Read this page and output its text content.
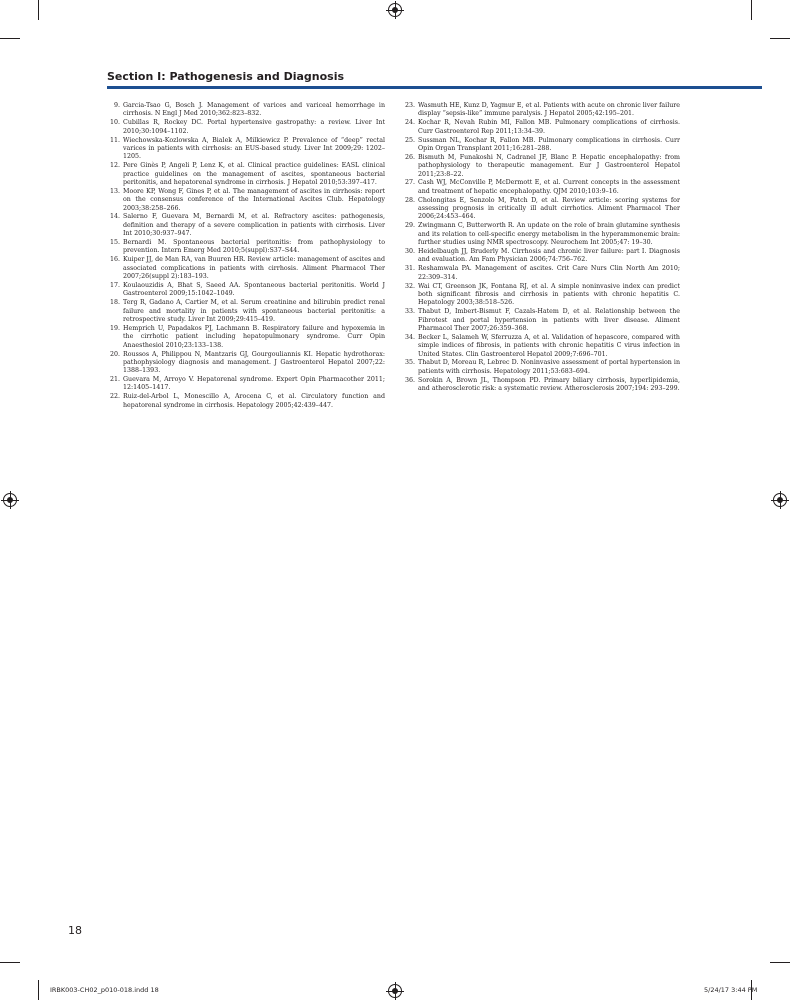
Section I: Pathogenesis and Diagnosis
9. Garcia-Tsao G, Bosch J. Management of varices and variceal hemorrhage in cirrhosis. N Engl J Med 2010;362:823–832.
10. Cubillas R, Rockey DC. Portal hypertensive gastropathy: a review. Liver Int 2010;30:1094–1102.
11. Wiechowska-Kozlowska A, Bialek A, Milkiewicz P. Prevalence of “deep” rectal varices in patients with cirrhosis: an EUS-based study. Liver Int 2009;29: 1202–1205.
12. Pere Ginès P, Angeli P, Lenz K, et al. Clinical practice guidelines: EASL clinical practice guidelines on the management of ascites, spontaneous bacterial peritonitis, and hepatorenal syndrome in cirrhosis. J Hepatol 2010;53:397–417.
13. Moore KP, Wong F, Gines P, et al. The management of ascites in cirrhosis: report on the consensus conference of the International Ascites Club. Hepatology 2003;38:258–266.
14. Salerno F, Guevara M, Bernardi M, et al. Refractory ascites: pathogenesis, definition and therapy of a severe complication in patients with cirrhosis. Liver Int 2010;30:937–947.
15. Bernardi M. Spontaneous bacterial peritonitis: from pathophysiology to prevention. Intern Emerg Med 2010;5(suppl):S37–S44.
16. Kuiper JJ, de Man RA, van Buuren HR. Review article: management of ascites and associated complications in patients with cirrhosis. Aliment Pharmacol Ther 2007;26(suppl 2):183–193.
17. Koulaouzidis A, Bhat S, Saeed AA. Spontaneous bacterial peritonitis. World J Gastroenterol 2009;15:1042–1049.
18. Terg R, Gadano A, Cartier M, et al. Serum creatinine and bilirubin predict renal failure and mortality in patients with spontaneous bacterial peritonitis: a retrospective study. Liver Int 2009;29:415–419.
19. Hemprich U, Papadakos PJ, Lachmann B. Respiratory failure and hypoxemia in the cirrhotic patient including hepatopulmonary syndrome. Curr Opin Anaesthesiol 2010;23:133–138.
20. Roussos A, Philippou N, Mantzaris GJ, Gourgouliannis KI. Hepatic hydrothorax: pathophysiology diagnosis and management. J Gastroenterol Hepatol 2007;22: 1388–1393.
21. Guevara M, Arroyo V. Hepatorenal syndrome. Expert Opin Pharmacother 2011; 12:1405–1417.
22. Ruiz-del-Arbol L, Monescillo A, Arocena C, et al. Circulatory function and hepatorenal syndrome in cirrhosis. Hepatology 2005;42:439–447.
23. Wasmuth HE, Kunz D, Yagmur E, et al. Patients with acute on chronic liver failure display “sepsis-like” immune paralysis. J Hepatol 2005;42:195–201.
24. Kochar R, Nevah Rubin MI, Fallon MB. Pulmonary complications of cirrhosis. Curr Gastroenterol Rep 2011;13:34–39.
25. Sussman NL, Kochar R, Fallon MB. Pulmonary complications in cirrhosis. Curr Opin Organ Transplant 2011;16:281–288.
26. Bismuth M, Funakoshi N, Cadranel JF, Blanc P. Hepatic encephalopathy: from pathophysiology to therapeutic management. Eur J Gastroenterol Hepatol 2011;23:8–22.
27. Cash WJ, McConville P, McDermott E, et al. Current concepts in the assessment and treatment of hepatic encephalopathy. QJM 2010;103:9–16.
28. Cholongitas E, Senzolo M, Patch D, et al. Review article: scoring systems for assessing prognosis in critically ill adult cirrhotics. Aliment Pharmacol Ther 2006;24:453–464.
29. Zwingmann C, Butterworth R. An update on the role of brain glutamine synthesis and its relation to cell-specific energy metabolism in the hyperammonemic brain: further studies using NMR spectroscopy. Neurochem Int 2005;47: 19–30.
30. Heidelbaugh JJ, Bruderly M. Cirrhosis and chronic liver failure: part I. Diagnosis and evaluation. Am Fam Physician 2006;74:756–762.
31. Reshamwala PA. Management of ascites. Crit Care Nurs Clin North Am 2010; 22:309–314.
32. Wai CT, Greenson JK, Fontana RJ, et al. A simple noninvasive index can predict both significant fibrosis and cirrhosis in patients with chronic hepatitis C. Hepatology 2003;38:518–526.
33. Thabut D, Imbert-Bismut F, Cazals-Hatem D, et al. Relationship between the Fibrotest and portal hypertension in patients with liver disease. Aliment Pharmacol Ther 2007;26:359–368.
34. Becker L, Salameh W, Sferruzza A, et al. Validation of hepascore, compared with simple indices of fibrosis, in patients with chronic hepatitis C virus infection in United States. Clin Gastroenterol Hepatol 2009;7:696–701.
35. Thabut D, Moreau R, Lebrec D. Noninvasive assessment of portal hypertension in patients with cirrhosis. Hepatology 2011;53:683–694.
36. Sorokin A, Brown JL, Thompson PD. Primary biliary cirrhosis, hyperlipidemia, and atherosclerotic risk: a systematic review. Atherosclerosis 2007;194: 293–299.
18
IRBK003-CH02_p010-018.indd 18	5/24/17 3:44 PM
